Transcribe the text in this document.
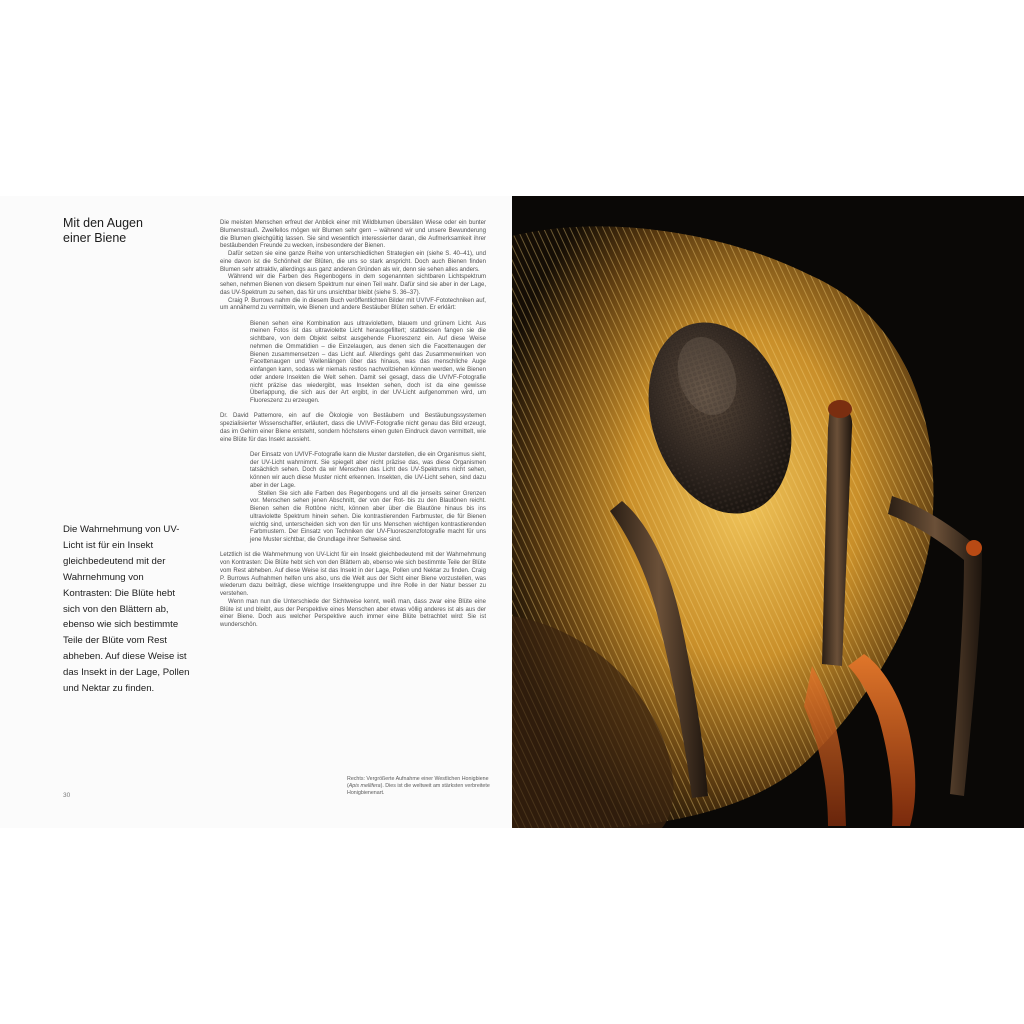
Mit den Augen
einer Biene

Die Wahrnehmung von UV-Licht ist für ein Insekt gleichbedeutend mit der Wahrnehmung von Kontrasten: Die Blüte hebt sich von den Blättern ab, ebenso wie sich bestimmte Teile der Blüte vom Rest abheben. Auf diese Weise ist das Insekt in der Lage, Pollen und Nektar zu finden.

Die meisten Menschen erfreut der Anblick einer mit Wildblumen übersäten Wiese oder ein bunter Blumenstrauß. Zweifellos mögen wir Blumen sehr gern – während wir und unsere Bewunderung die Blumen gleichgültig lassen. Sie sind wesentlich interessierter daran, die Aufmerksamkeit ihrer bestäubenden Freunde zu wecken, insbesondere der Bienen.

Dafür setzen sie eine ganze Reihe von unterschiedlichen Strategien ein (siehe S. 40–41), und eine davon ist die Schönheit der Blüten, die uns so stark anspricht. Doch auch Bienen finden Blumen sehr attraktiv, allerdings aus ganz anderen Gründen als wir, denn sie sehen alles anders.

Während wir die Farben des Regenbogens in dem sogenannten sichtbaren Lichtspektrum sehen, nehmen Bienen von diesem Spektrum nur einen Teil wahr. Dafür sind sie aber in der Lage, das UV-Spektrum zu sehen, das für uns unsichtbar bleibt (siehe S. 36–37).

Craig P. Burrows nahm die in diesem Buch veröffentlichten Bilder mit UVIVF-Fototechniken auf, um annähernd zu vermitteln, wie Bienen und andere Bestäuber Blüten sehen. Er erklärt:

Bienen sehen eine Kombination aus ultraviolettem, blauem und grünem Licht. Aus meinen Fotos ist das ultraviolette Licht herausgefiltert; stattdessen fangen sie die sichtbare, von dem Objekt selbst ausgehende Fluoreszenz ein. Auf diese Weise nehmen die Ommatidien – die Einzelaugen, aus denen sich die Facettenaugen der Bienen zusammensetzen – das Licht auf. Allerdings geht das Zusammenwirken von Facettenaugen und Wellenlängen über das hinaus, was das menschliche Auge einfangen kann, sodass wir niemals restlos nachvollziehen können werden, wie Bienen oder andere Insekten die Welt sehen. Damit sei gesagt, dass die UVIVF-Fotografie nicht präzise das wiedergibt, was Insekten sehen, doch ist da eine gewisse Überlappung, die sich aus der Art ergibt, in der UV-Licht aufgenommen wird, um Fluoreszenz zu erzeugen.

Dr. David Pattemore, ein auf die Ökologie von Bestäubern und Bestäubungssystemen spezialisierter Wissenschaftler, erläutert, dass die UVIVF-Fotografie nicht genau das Bild erzeugt, das im Gehirn einer Biene entsteht, sondern höchstens einen guten Eindruck davon vermittelt, wie eine Blüte für das Insekt aussieht.

Der Einsatz von UVIVF-Fotografie kann die Muster darstellen, die ein Organismus sieht, der UV-Licht wahrnimmt. Sie spiegelt aber nicht präzise das, was diese Organismen tatsächlich sehen. Doch da wir Menschen das Licht des UV-Spektrums nicht sehen, können wir auch diese Muster nicht erkennen. Insekten, die UV-Licht sehen, sind dazu aber in der Lage.

Stellen Sie sich alle Farben des Regenbogens und all die jenseits seiner Grenzen vor. Menschen sehen jenen Abschnitt, der von der Rot- bis zu den Blautönen reicht. Bienen sehen die Rottöne nicht, können aber über die Blautöne hinaus bis ins ultraviolette Spektrum hinein sehen. Die kontrastierenden Farbmuster, die für Bienen wichtig sind, unterscheiden sich von den für uns Menschen wichtigen kontrastierenden Farbmustern. Der Einsatz von Techniken der UV-Fluoreszenzfotografie macht für uns jene Muster sichtbar, die Grundlage ihrer Sehweise sind.

Letztlich ist die Wahrnehmung von UV-Licht für ein Insekt gleichbedeutend mit der Wahrnehmung von Kontrasten: Die Blüte hebt sich von den Blättern ab, ebenso wie sich bestimmte Teile der Blüte vom Rest abheben. Auf diese Weise ist das Insekt in der Lage, Pollen und Nektar zu finden. Craig P. Burrows Aufnahmen helfen uns also, uns die Welt aus der Sicht einer Biene vorzustellen, was wiederum dazu beiträgt, diese wichtige Insektengruppe und ihre Rolle in der Natur besser zu verstehen.

Wenn man nun die Unterschiede der Sichtweise kennt, weiß man, dass zwar eine Blüte eine Blüte ist und bleibt, aus der Perspektive eines Menschen aber etwas völlig anderes ist als aus der einer Biene. Doch aus welcher Perspektive auch immer eine Blüte betrachtet wird: Sie ist wunderschön.

Rechts: Vergrößerte Aufnahme einer Westlichen Honigbiene (Apis mellifera). Dies ist die weltweit am stärksten verbreitete Honigbienenart.
30
